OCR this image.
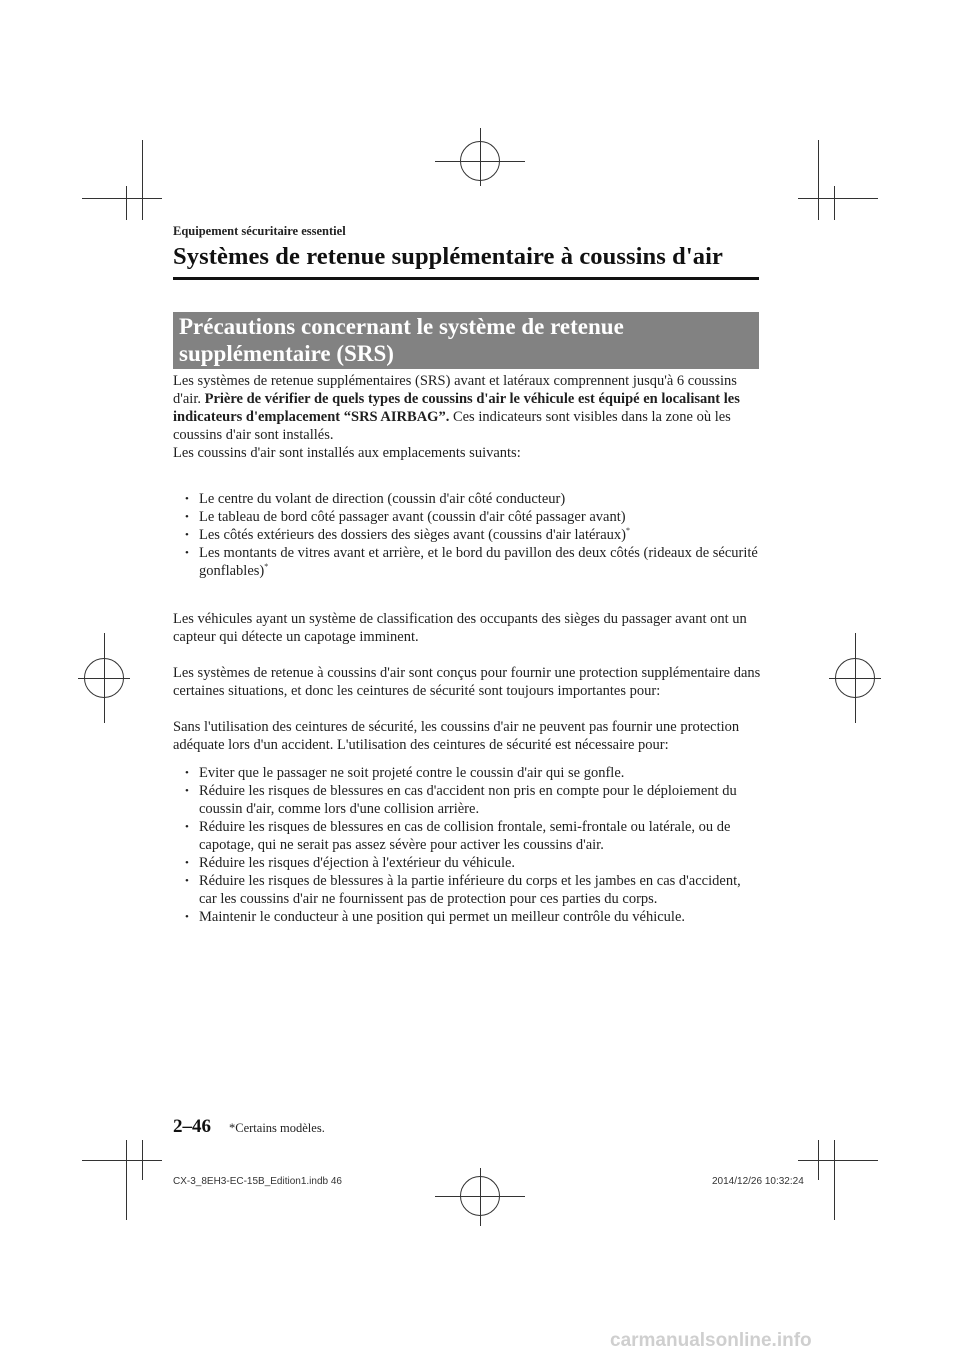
Equipement sécuritaire essentiel
Systèmes de retenue supplémentaire à coussins d'air
Précautions concernant le système de retenue
supplémentaire (SRS)

Les systèmes de retenue supplémentaires (SRS) avant et latéraux comprennent jusqu'à 6 coussins d'air. Prière de vérifier de quels types de coussins d'air le véhicule est équipé en localisant les indicateurs d'emplacement “SRS AIRBAG”. Ces indicateurs sont visibles dans la zone où les coussins d'air sont installés.

Les coussins d'air sont installés aux emplacements suivants:

• Le centre du volant de direction (coussin d'air côté conducteur)
• Le tableau de bord côté passager avant (coussin d'air côté passager avant)
• Les côtés extérieurs des dossiers des sièges avant (coussins d'air latéraux)*
• Les montants de vitres avant et arrière, et le bord du pavillon des deux côtés (rideaux de sécurité gonflables)*

Les véhicules ayant un système de classification des occupants des sièges du passager avant ont un capteur qui détecte un capotage imminent.

Les systèmes de retenue à coussins d'air sont conçus pour fournir une protection supplémentaire dans certaines situations, et donc les ceintures de sécurité sont toujours importantes pour:

Sans l'utilisation des ceintures de sécurité, les coussins d'air ne peuvent pas fournir une protection adéquate lors d'un accident. L'utilisation des ceintures de sécurité est nécessaire pour:

• Eviter que le passager ne soit projeté contre le coussin d'air qui se gonfle.
• Réduire les risques de blessures en cas d'accident non pris en compte pour le déploiement du coussin d'air, comme lors d'une collision arrière.
• Réduire les risques de blessures en cas de collision frontale, semi-frontale ou latérale, ou de capotage, qui ne serait pas assez sévère pour activer les coussins d'air.
• Réduire les risques d'éjection à l'extérieur du véhicule.
• Réduire les risques de blessures à la partie inférieure du corps et les jambes en cas d'accident, car les coussins d'air ne fournissent pas de protection pour ces parties du corps.
• Maintenir le conducteur à une position qui permet un meilleur contrôle du véhicule.
2–46 *Certains modèles.
CX-3_8EH3-EC-15B_Edition1.indb 46	2014/12/26 10:32:24
carmanualsonline.info
